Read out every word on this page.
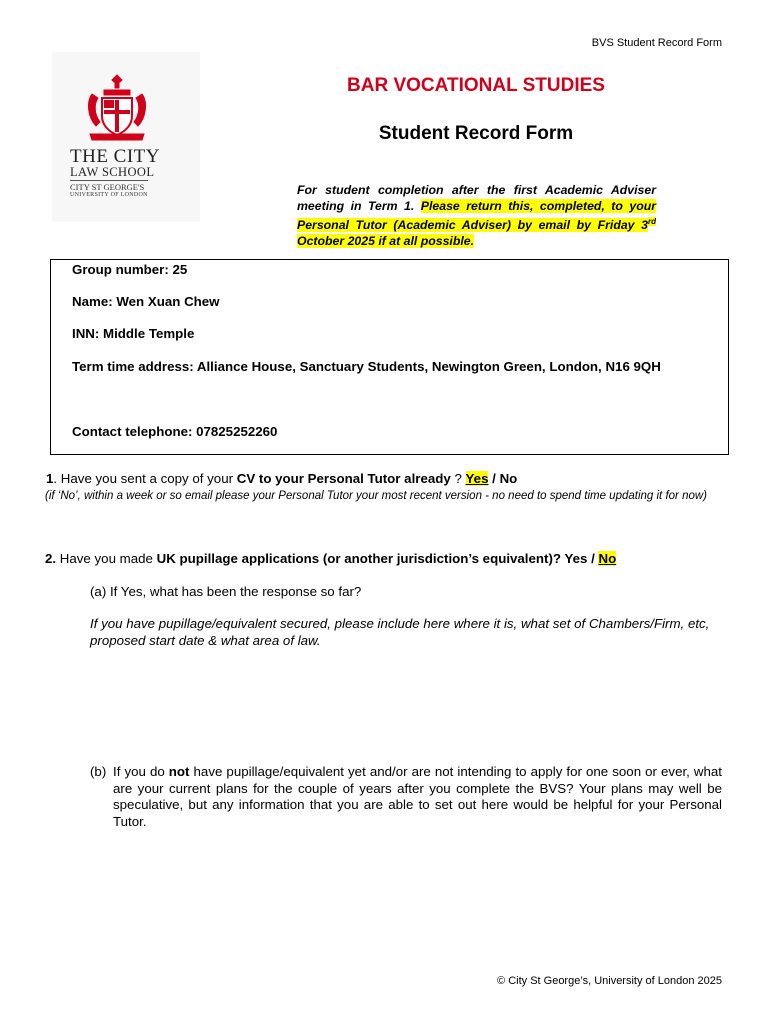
BVS Student Record Form
THE CITY
LAW SCHOOL
CITY ST GEORGE'S
UNIVERSITY OF LONDON
BAR VOCATIONAL STUDIES
Student Record Form
For student completion after the first Academic Adviser meeting in Term 1. Please return this, completed, to your Personal Tutor (Academic Adviser) by email by Friday 3rd October 2025 if at all possible.
Group number: 25
Name: Wen Xuan Chew
INN: Middle Temple
Term time address: Alliance House, Sanctuary Students, Newington Green, London, N16 9QH
Contact telephone: 07825252260
1. Have you sent a copy of your CV to your Personal Tutor already ? Yes / No
(if ‘No’, within a week or so email please your Personal Tutor your most recent version - no need to spend time updating it for now)
2. Have you made UK pupillage applications (or another jurisdiction’s equivalent)? Yes / No
(a) If Yes, what has been the response so far?
If you have pupillage/equivalent secured, please include here where it is, what set of Chambers/Firm, etc, proposed start date & what area of law.
(b) If you do not have pupillage/equivalent yet and/or are not intending to apply for one soon or ever, what are your current plans for the couple of years after you complete the BVS? Your plans may well be speculative, but any information that you are able to set out here would be helpful for your Personal Tutor.
© City St George’s, University of London 2025
